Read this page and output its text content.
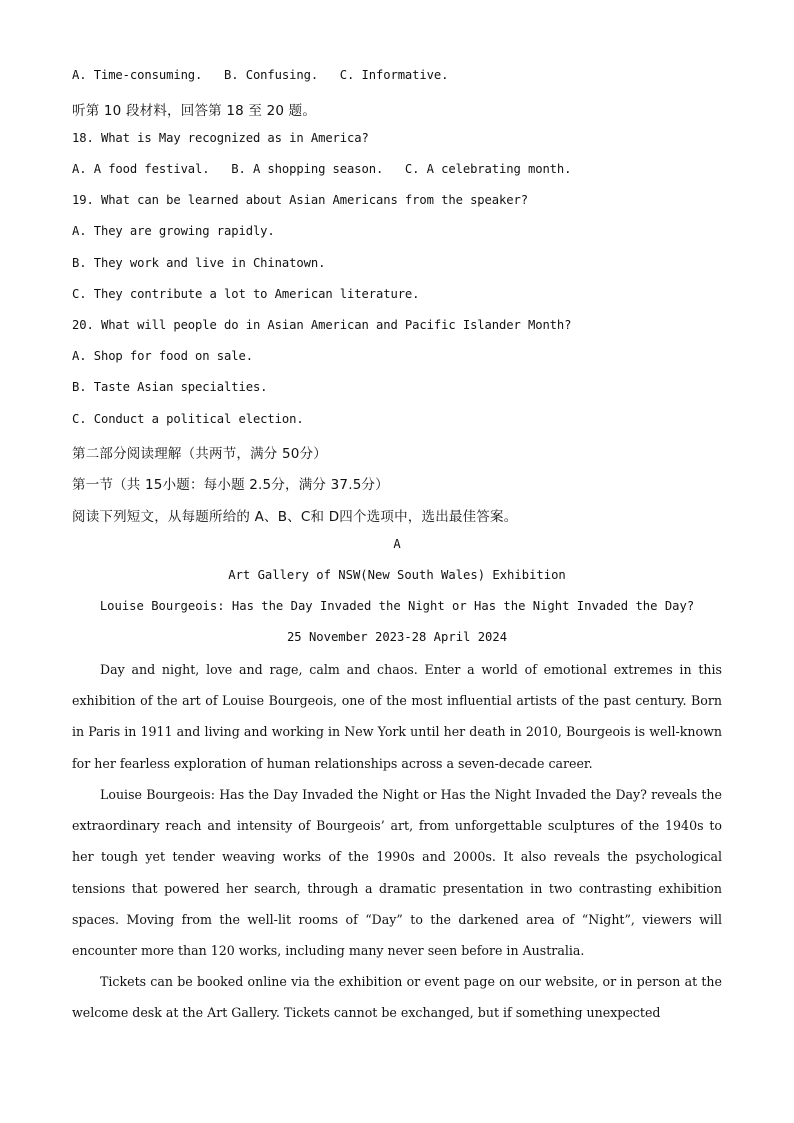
A. Time-consuming.   B. Confusing.   C. Informative.
听第 10 段材料，回答第 18 至 20 题。
18. What is May recognized as in America?
A. A food festival.   B. A shopping season.   C. A celebrating month.
19. What can be learned about Asian Americans from the speaker?
A. They are growing rapidly.
B. They work and live in Chinatown.
C. They contribute a lot to American literature.
20. What will people do in Asian American and Pacific Islander Month?
A. Shop for food on sale.
B. Taste Asian specialties.
C. Conduct a political election.
第二部分阅读理解（共两节，满分 50分）
第一节（共 15小题：每小题 2.5分，满分 37.5分）
阅读下列短文，从每题所给的 A、B、C和 D四个选项中，选出最佳答案。
A
Art Gallery of NSW(New South Wales) Exhibition
Louise Bourgeois: Has the Day Invaded the Night or Has the Night Invaded the Day?
25 November 2023-28 April 2024
Day and night, love and rage, calm and chaos. Enter a world of emotional extremes in this exhibition of the art of Louise Bourgeois, one of the most influential artists of the past century. Born in Paris in 1911 and living and working in New York until her death in 2010, Bourgeois is well-known for her fearless exploration of human relationships across a seven-decade career.
Louise Bourgeois: Has the Day Invaded the Night or Has the Night Invaded the Day? reveals the extraordinary reach and intensity of Bourgeois’ art, from unforgettable sculptures of the 1940s to her tough yet tender weaving works of the 1990s and 2000s. It also reveals the psychological tensions that powered her search, through a dramatic presentation in two contrasting exhibition spaces. Moving from the well-lit rooms of “Day” to the darkened area of “Night”, viewers will encounter more than 120 works, including many never seen before in Australia.
Tickets can be booked online via the exhibition or event page on our website, or in person at the welcome desk at the Art Gallery. Tickets cannot be exchanged, but if something unexpected
